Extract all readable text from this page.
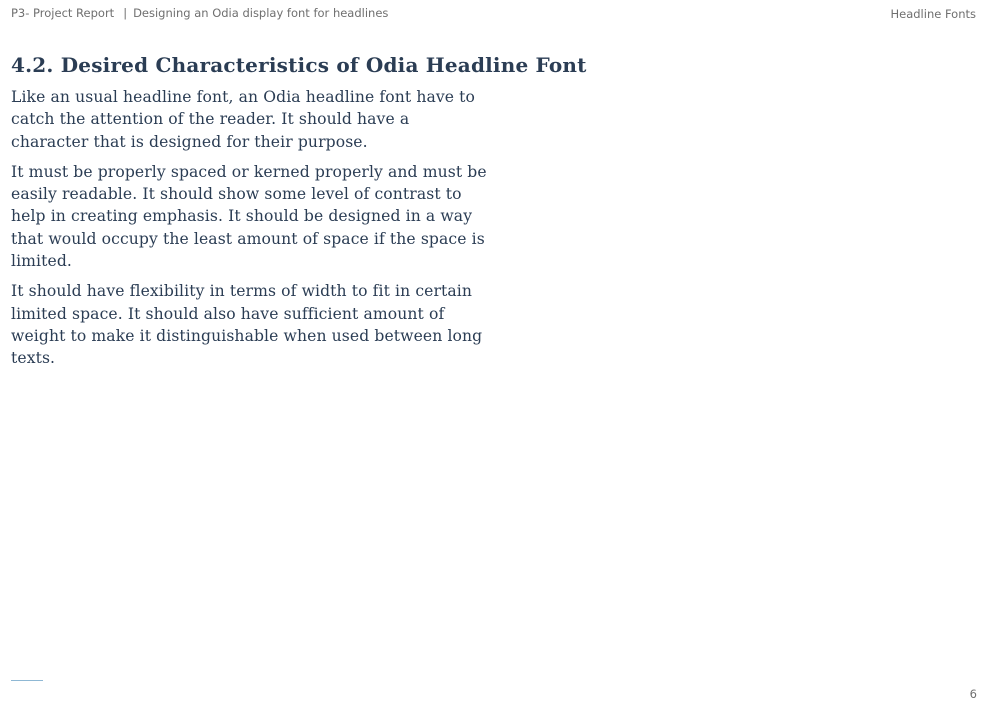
P3- Project Report | Designing an Odia display font for headlines	Headline Fonts
4.2. Desired Characteristics of Odia Headline Font

Like an usual headline font, an Odia headline font have to catch the attention of the reader. It should have a character that is designed for their purpose.

It must be properly spaced or kerned properly and must be easily readable. It should show some level of contrast to help in creating emphasis. It should be designed in a way that would occupy the least amount of space if the space is limited.

It should have flexibility in terms of width to fit in certain limited space. It should also have sufficient amount of weight to make it distinguishable when used between long texts.

6
